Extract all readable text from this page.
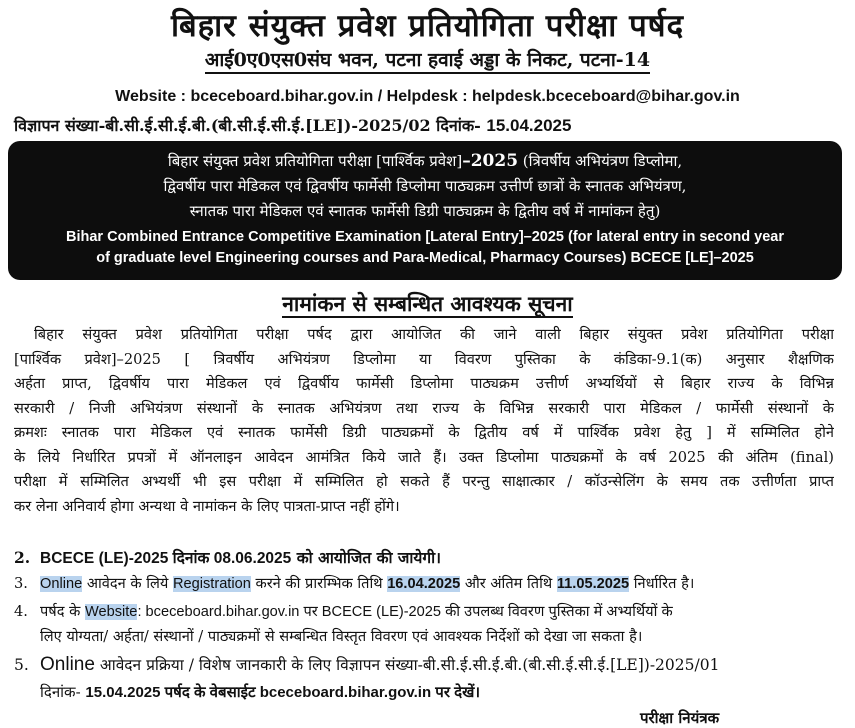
बिहार संयुक्त प्रवेश प्रतियोगिता परीक्षा पर्षद
आई0ए0एस0संघ भवन, पटना हवाई अड्डा के निकट, पटना-14
Website : bceceboard.bihar.gov.in / Helpdesk : helpdesk.bceceboard@bihar.gov.in
विज्ञापन संख्या-बी.सी.ई.सी.ई.बी.(बी.सी.ई.सी.ई.[LE])-2025/02 दिनांक- 15.04.2025
बिहार संयुक्त प्रवेश प्रतियोगिता परीक्षा [पार्श्विक प्रवेश]–2025 (त्रिवर्षीय अभियंत्रण डिप्लोमा,
द्विवर्षीय पारा मेडिकल एवं द्विवर्षीय फार्मेसी डिप्लोमा पाठ्यक्रम उत्तीर्ण छात्रों के स्नातक अभियंत्रण,
स्नातक पारा मेडिकल एवं स्नातक फार्मेसी डिग्री पाठ्यक्रम के द्वितीय वर्ष में नामांकन हेतु)
Bihar Combined Entrance Competitive Examination [Lateral Entry]–2025 (for lateral entry in second year
of graduate level Engineering courses and Para-Medical, Pharmacy Courses) BCECE [LE]–2025
नामांकन से सम्बन्धित आवश्यक सूचना
बिहार संयुक्त प्रवेश प्रतियोगिता परीक्षा पर्षद द्वारा आयोजित की जाने वाली बिहार संयुक्त प्रवेश प्रतियोगिता परीक्षा
[पार्श्विक प्रवेश]–2025 [ त्रिवर्षीय अभियंत्रण डिप्लोमा या विवरण पुस्तिका के कंडिका-9.1(क) अनुसार शैक्षणिक
अर्हता प्राप्त, द्विवर्षीय पारा मेडिकल एवं द्विवर्षीय फार्मेसी डिप्लोमा पाठ्यक्रम उत्तीर्ण अभ्यर्थियों से बिहार राज्य के विभिन्न
सरकारी / निजी अभियंत्रण संस्थानों के स्नातक अभियंत्रण तथा राज्य के विभिन्न सरकारी पारा मेडिकल / फार्मेसी संस्थानों के
क्रमशः स्नातक पारा मेडिकल एवं स्नातक फार्मेसी डिग्री पाठ्यक्रमों के द्वितीय वर्ष में पार्श्विक प्रवेश हेतु ] में सम्मिलित होने
के लिये निर्धारित प्रपत्रों में ऑनलाइन आवेदन आमंत्रित किये जाते हैं। उक्त डिप्लोमा पाठ्यक्रमों के वर्ष 2025 की अंतिम (final)
परीक्षा में सम्मिलित अभ्यर्थी भी इस परीक्षा में सम्मिलित हो सकते हैं परन्तु साक्षात्कार / कॉउन्सेलिंग के समय तक उत्तीर्णता प्राप्त
कर लेना अनिवार्य होगा अन्यथा वे नामांकन के लिए पात्रता-प्राप्त नहीं होंगे।
2. BCECE (LE)-2025 दिनांक 08.06.2025 को आयोजित की जायेगी।
3. Online आवेदन के लिये Registration करने की प्रारम्भिक तिथि 16.04.2025 और अंतिम तिथि 11.05.2025 निर्धारित है।
4. पर्षद के Website: bceceboard.bihar.gov.in पर BCECE (LE)-2025 की उपलब्ध विवरण पुस्तिका में अभ्यर्थियों के
लिए योग्यता/ अर्हता/ संस्थानों / पाठ्यक्रमों से सम्बन्धित विस्तृत विवरण एवं आवश्यक निर्देशों को देखा जा सकता है।
5. Online आवेदन प्रक्रिया / विशेष जानकारी के लिए विज्ञापन संख्या-बी.सी.ई.सी.ई.बी.(बी.सी.ई.सी.ई.[LE])-2025/01
दिनांक- 15.04.2025 पर्षद के वेबसाईट bceceboard.bihar.gov.in पर देखें।
परीक्षा नियंत्रक
